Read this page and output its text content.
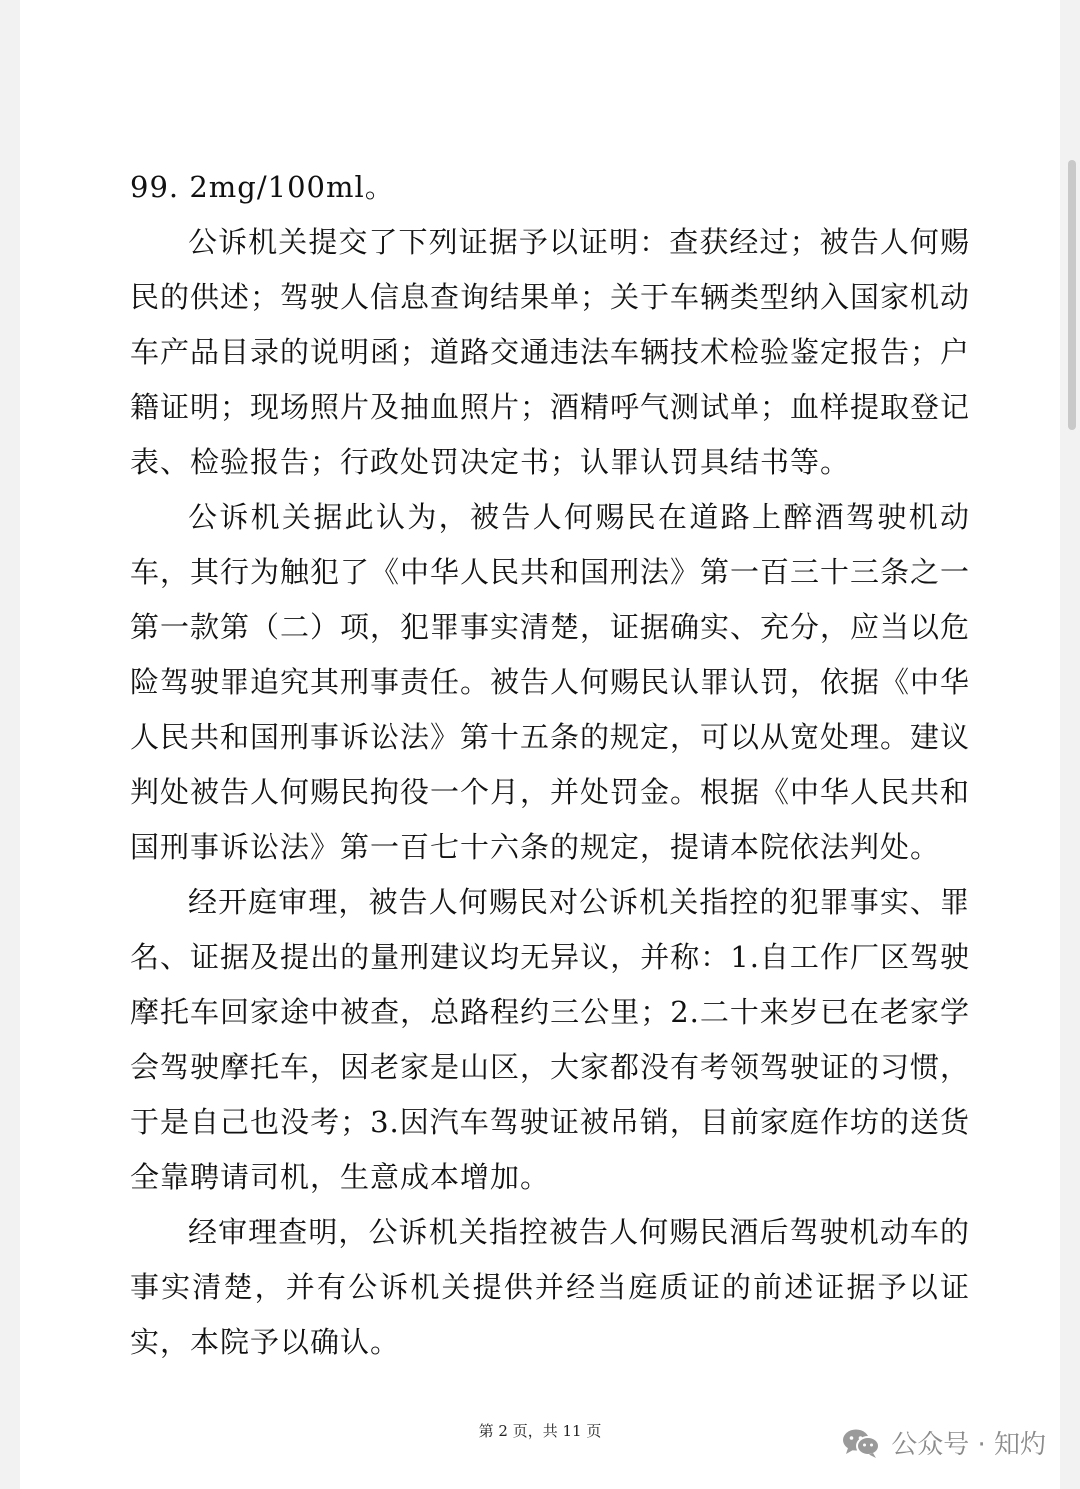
99. 2mg/100ml。

公诉机关提交了下列证据予以证明：查获经过；被告人何赐民的供述；驾驶人信息查询结果单；关于车辆类型纳入国家机动车产品目录的说明函；道路交通违法车辆技术检验鉴定报告；户籍证明；现场照片及抽血照片；酒精呼气测试单；血样提取登记表、检验报告；行政处罚决定书；认罪认罚具结书等。

公诉机关据此认为，被告人何赐民在道路上醉酒驾驶机动车，其行为触犯了《中华人民共和国刑法》第一百三十三条之一第一款第（二）项，犯罪事实清楚，证据确实、充分，应当以危险驾驶罪追究其刑事责任。被告人何赐民认罪认罚，依据《中华人民共和国刑事诉讼法》第十五条的规定，可以从宽处理。建议判处被告人何赐民拘役一个月，并处罚金。根据《中华人民共和国刑事诉讼法》第一百七十六条的规定，提请本院依法判处。

经开庭审理，被告人何赐民对公诉机关指控的犯罪事实、罪名、证据及提出的量刑建议均无异议，并称：1.自工作厂区驾驶摩托车回家途中被查，总路程约三公里；2.二十来岁已在老家学会驾驶摩托车，因老家是山区，大家都没有考领驾驶证的习惯，于是自己也没考；3.因汽车驾驶证被吊销，目前家庭作坊的送货全靠聘请司机，生意成本增加。

经审理查明，公诉机关指控被告人何赐民酒后驾驶机动车的事实清楚，并有公诉机关提供并经当庭质证的前述证据予以证实，本院予以确认。

第 2 页，共 11 页	公众号 · 知灼
